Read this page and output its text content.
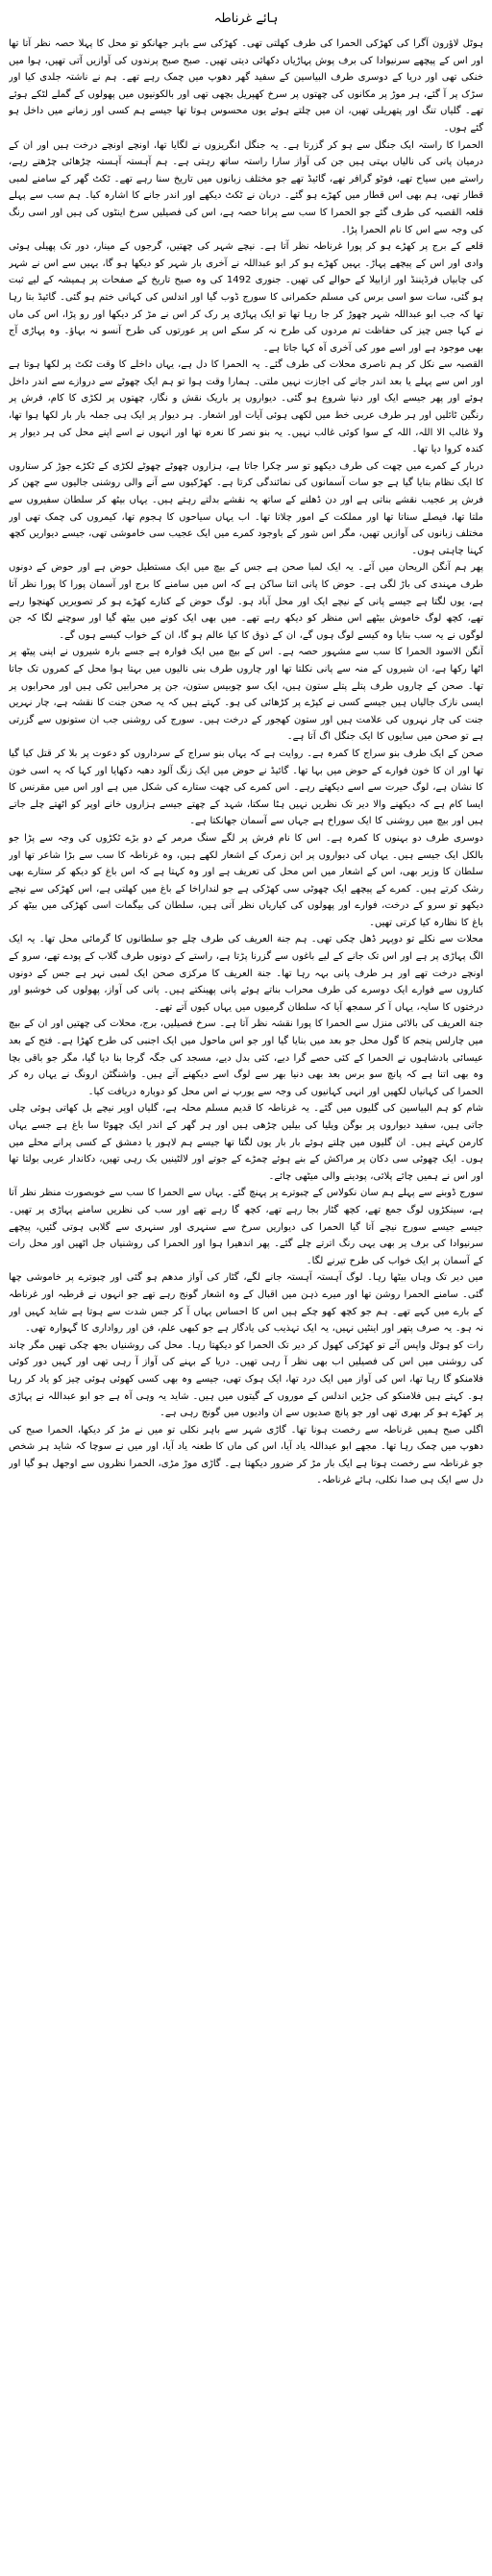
ہائے غرناطہ

ہوٹل لاؤرون آگرا کی کھڑکی الحمرا کی طرف کھلتی تھی۔ کھڑکی سے باہر جھانکو تو محل کا پہلا حصہ نظر آتا تھا اور اس کے پیچھے سرنیوادا کی برف پوش پہاڑیاں دکھائی دیتی تھیں۔ صبح صبح پرندوں کی آوازیں آتی تھیں، ہوا میں خنکی تھی اور دریا کے دوسری طرف البیاسین کے سفید گھر دھوپ میں چمک رہے تھے۔ ہم نے ناشتہ جلدی کیا اور سڑک پر آ گئے، ہر موڑ پر مکانوں کی چھتوں پر سرخ کھپریل بچھی تھی اور بالکونیوں میں پھولوں کے گملے لٹکے ہوئے تھے۔ گلیاں تنگ اور پتھریلی تھیں، ان میں چلتے ہوئے یوں محسوس ہوتا تھا جیسے ہم کسی اور زمانے میں داخل ہو گئے ہوں۔

الحمرا کا راستہ ایک جنگل سے ہو کر گزرتا ہے۔ یہ جنگل انگریزوں نے لگایا تھا، اونچے اونچے درخت ہیں اور ان کے درمیان پانی کی نالیاں بہتی ہیں جن کی آواز سارا راستہ ساتھ رہتی ہے۔ ہم آہستہ آہستہ چڑھائی چڑھتے رہے، راستے میں سیاح تھے، فوٹو گرافر تھے، گائیڈ تھے جو مختلف زبانوں میں تاریخ سنا رہے تھے۔ ٹکٹ گھر کے سامنے لمبی قطار تھی، ہم بھی اس قطار میں کھڑے ہو گئے۔ دربان نے ٹکٹ دیکھے اور اندر جانے کا اشارہ کیا۔ ہم سب سے پہلے قلعہ القصبہ کی طرف گئے جو الحمرا کا سب سے پرانا حصہ ہے، اس کی فصیلیں سرخ اینٹوں کی ہیں اور اسی رنگ کی وجہ سے اس کا نام الحمرا پڑا۔

قلعے کے برج پر کھڑے ہو کر پورا غرناطہ نظر آتا ہے۔ نیچے شہر کی چھتیں، گرجوں کے مینار، دور تک پھیلی ہوئی وادی اور اس کے پیچھے پہاڑ۔ یہیں کھڑے ہو کر ابو عبداللہ نے آخری بار شہر کو دیکھا ہو گا، یہیں سے اس نے شہر کی چابیاں فرڈیننڈ اور ازابیلا کے حوالے کی تھیں۔ جنوری 1492 کی وہ صبح تاریخ کے صفحات پر ہمیشہ کے لیے ثبت ہو گئی، سات سو اسی برس کی مسلم حکمرانی کا سورج ڈوب گیا اور اندلس کی کہانی ختم ہو گئی۔ گائیڈ بتا رہا تھا کہ جب ابو عبداللہ شہر چھوڑ کر جا رہا تھا تو ایک پہاڑی پر رک کر اس نے مڑ کر دیکھا اور رو پڑا، اس کی ماں نے کہا جس چیز کی حفاظت تم مردوں کی طرح نہ کر سکے اس پر عورتوں کی طرح آنسو نہ بہاؤ۔ وہ پہاڑی آج بھی موجود ہے اور اسے مور کی آخری آہ کہا جاتا ہے۔

القصبہ سے نکل کر ہم ناصری محلات کی طرف گئے۔ یہ الحمرا کا دل ہے، یہاں داخلے کا وقت ٹکٹ پر لکھا ہوتا ہے اور اس سے پہلے یا بعد اندر جانے کی اجازت نہیں ملتی۔ ہمارا وقت ہوا تو ہم ایک چھوٹے سے دروازے سے اندر داخل ہوئے اور پھر جیسے ایک اور دنیا شروع ہو گئی۔ دیواروں پر باریک نقش و نگار، چھتوں پر لکڑی کا کام، فرش پر رنگین ٹائلیں اور ہر طرف عربی خط میں لکھی ہوئی آیات اور اشعار۔ ہر دیوار پر ایک ہی جملہ بار بار لکھا ہوا تھا، ولا غالب الا اللہ، اللہ کے سوا کوئی غالب نہیں۔ یہ بنو نصر کا نعرہ تھا اور انہوں نے اسے اپنے محل کی ہر دیوار پر کندہ کروا دیا تھا۔

دربار کے کمرے میں چھت کی طرف دیکھو تو سر چکرا جاتا ہے، ہزاروں چھوٹے چھوٹے لکڑی کے ٹکڑے جوڑ کر ستاروں کا ایک نظام بنایا گیا ہے جو سات آسمانوں کی نمائندگی کرتا ہے۔ کھڑکیوں سے آنے والی روشنی جالیوں سے چھن کر فرش پر عجیب نقشے بناتی ہے اور دن ڈھلنے کے ساتھ یہ نقشے بدلتے رہتے ہیں۔ یہاں بیٹھ کر سلطان سفیروں سے ملتا تھا، فیصلے سناتا تھا اور مملکت کے امور چلاتا تھا۔ اب یہاں سیاحوں کا ہجوم تھا، کیمروں کی چمک تھی اور مختلف زبانوں کی آوازیں تھیں، مگر اس شور کے باوجود کمرے میں ایک عجیب سی خاموشی تھی، جیسے دیواریں کچھ کہنا چاہتی ہوں۔

پھر ہم آنگن الریحان میں آئے۔ یہ ایک لمبا صحن ہے جس کے بیچ میں ایک مستطیل حوض ہے اور حوض کے دونوں طرف مہندی کی باڑ لگی ہے۔ حوض کا پانی اتنا ساکن ہے کہ اس میں سامنے کا برج اور آسمان پورا کا پورا نظر آتا ہے، یوں لگتا ہے جیسے پانی کے نیچے ایک اور محل آباد ہو۔ لوگ حوض کے کنارے کھڑے ہو کر تصویریں کھنچوا رہے تھے، کچھ لوگ خاموش بیٹھے اس منظر کو دیکھ رہے تھے۔ میں بھی ایک کونے میں بیٹھ گیا اور سوچنے لگا کہ جن لوگوں نے یہ سب بنایا وہ کیسے لوگ ہوں گے، ان کے ذوق کا کیا عالم ہو گا، ان کے خواب کیسے ہوں گے۔

آنگن الاسود الحمرا کا سب سے مشہور حصہ ہے۔ اس کے بیچ میں ایک فوارہ ہے جسے بارہ شیروں نے اپنی پیٹھ پر اٹھا رکھا ہے، ان شیروں کے منہ سے پانی نکلتا تھا اور چاروں طرف بنی نالیوں میں بہتا ہوا محل کے کمروں تک جاتا تھا۔ صحن کے چاروں طرف پتلے پتلے ستون ہیں، ایک سو چوبیس ستون، جن پر محرابیں ٹکی ہیں اور محرابوں پر ایسی نازک جالیاں ہیں جیسے کسی نے کپڑے پر کڑھائی کی ہو۔ کہتے ہیں کہ یہ صحن جنت کا نقشہ ہے، چار نہریں جنت کی چار نہروں کی علامت ہیں اور ستون کھجور کے درخت ہیں۔ سورج کی روشنی جب ان ستونوں سے گزرتی ہے تو صحن میں سایوں کا ایک جنگل اگ آتا ہے۔

صحن کے ایک طرف بنو سراج کا کمرہ ہے۔ روایت ہے کہ یہاں بنو سراج کے سرداروں کو دعوت پر بلا کر قتل کیا گیا تھا اور ان کا خون فوارے کے حوض میں بہا تھا۔ گائیڈ نے حوض میں ایک زنگ آلود دھبہ دکھایا اور کہا کہ یہ اسی خون کا نشان ہے، لوگ حیرت سے اسے دیکھتے رہے۔ اس کمرے کی چھت ستارے کی شکل میں ہے اور اس میں مقرنس کا ایسا کام ہے کہ دیکھنے والا دیر تک نظریں نہیں ہٹا سکتا، شہد کے چھتے جیسے ہزاروں خانے اوپر کو اٹھتے چلے جاتے ہیں اور بیچ میں روشنی کا ایک سوراخ ہے جہاں سے آسمان جھانکتا ہے۔

دوسری طرف دو بہنوں کا کمرہ ہے۔ اس کا نام فرش پر لگے سنگ مرمر کے دو بڑے ٹکڑوں کی وجہ سے پڑا جو بالکل ایک جیسے ہیں۔ یہاں کی دیواروں پر ابن زمرک کے اشعار لکھے ہیں، وہ غرناطہ کا سب سے بڑا شاعر تھا اور سلطان کا وزیر بھی، اس کے اشعار میں اس محل کی تعریف ہے اور وہ کہتا ہے کہ اس باغ کو دیکھ کر ستارے بھی رشک کرتے ہیں۔ کمرے کے پیچھے ایک چھوٹی سی کھڑکی ہے جو لنداراخا کے باغ میں کھلتی ہے، اس کھڑکی سے نیچے دیکھو تو سرو کے درخت، فوارے اور پھولوں کی کیاریاں نظر آتی ہیں، سلطان کی بیگمات اسی کھڑکی میں بیٹھ کر باغ کا نظارہ کیا کرتی تھیں۔

محلات سے نکلے تو دوپہر ڈھل چکی تھی۔ ہم جنة العریف کی طرف چلے جو سلطانوں کا گرمائی محل تھا۔ یہ ایک الگ پہاڑی پر ہے اور اس تک جانے کے لیے باغوں سے گزرنا پڑتا ہے، راستے کے دونوں طرف گلاب کے پودے تھے، سرو کے اونچے درخت تھے اور ہر طرف پانی بہہ رہا تھا۔ جنة العریف کا مرکزی صحن ایک لمبی نہر ہے جس کے دونوں کناروں سے فوارے ایک دوسرے کی طرف محراب بناتے ہوئے پانی پھینکتے ہیں۔ پانی کی آواز، پھولوں کی خوشبو اور درختوں کا سایہ، یہاں آ کر سمجھ آیا کہ سلطان گرمیوں میں یہاں کیوں آتے تھے۔

جنة العریف کی بالائی منزل سے الحمرا کا پورا نقشہ نظر آتا ہے۔ سرخ فصیلیں، برج، محلات کی چھتیں اور ان کے بیچ میں چارلس پنجم کا گول محل جو بعد میں بنایا گیا اور جو اس ماحول میں ایک اجنبی کی طرح کھڑا ہے۔ فتح کے بعد عیسائی بادشاہوں نے الحمرا کے کئی حصے گرا دیے، کئی بدل دیے، مسجد کی جگہ گرجا بنا دیا گیا، مگر جو باقی بچا وہ بھی اتنا ہے کہ پانچ سو برس بعد بھی دنیا بھر سے لوگ اسے دیکھنے آتے ہیں۔ واشنگٹن ارونگ نے یہاں رہ کر الحمرا کی کہانیاں لکھیں اور انہی کہانیوں کی وجہ سے یورپ نے اس محل کو دوبارہ دریافت کیا۔

شام کو ہم البیاسین کی گلیوں میں گئے۔ یہ غرناطہ کا قدیم مسلم محلہ ہے، گلیاں اوپر نیچے بل کھاتی ہوئی چلی جاتی ہیں، سفید دیواروں پر بوگن ویلیا کی بیلیں چڑھی ہیں اور ہر گھر کے اندر ایک چھوٹا سا باغ ہے جسے یہاں کارمن کہتے ہیں۔ ان گلیوں میں چلتے ہوئے بار بار یوں لگتا تھا جیسے ہم لاہور یا دمشق کے کسی پرانے محلے میں ہوں۔ ایک چھوٹی سی دکان پر مراکش کے بنے ہوئے چمڑے کے جوتے اور لالٹینیں بک رہی تھیں، دکاندار عربی بولتا تھا اور اس نے ہمیں چائے پلائی، پودینے والی میٹھی چائے۔

سورج ڈوبنے سے پہلے ہم سان نکولاس کے چبوترے پر پہنچ گئے۔ یہاں سے الحمرا کا سب سے خوبصورت منظر نظر آتا ہے، سینکڑوں لوگ جمع تھے، کچھ گٹار بجا رہے تھے، کچھ گا رہے تھے اور سب کی نظریں سامنے پہاڑی پر تھیں۔ جیسے جیسے سورج نیچے آتا گیا الحمرا کی دیواریں سرخ سے سنہری اور سنہری سے گلابی ہوتی گئیں، پیچھے سرنیوادا کی برف پر بھی یہی رنگ اترتے چلے گئے۔ پھر اندھیرا ہوا اور الحمرا کی روشنیاں جل اٹھیں اور محل رات کے آسمان پر ایک خواب کی طرح تیرنے لگا۔

میں دیر تک وہاں بیٹھا رہا۔ لوگ آہستہ آہستہ جانے لگے، گٹار کی آواز مدھم ہو گئی اور چبوترے پر خاموشی چھا گئی۔ سامنے الحمرا روشن تھا اور میرے ذہن میں اقبال کے وہ اشعار گونج رہے تھے جو انہوں نے قرطبہ اور غرناطہ کے بارے میں کہے تھے۔ ہم جو کچھ کھو چکے ہیں اس کا احساس یہاں آ کر جس شدت سے ہوتا ہے شاید کہیں اور نہ ہو۔ یہ صرف پتھر اور اینٹیں نہیں، یہ ایک تہذیب کی یادگار ہے جو کبھی علم، فن اور رواداری کا گہوارہ تھی۔

رات کو ہوٹل واپس آئے تو کھڑکی کھول کر دیر تک الحمرا کو دیکھتا رہا۔ محل کی روشنیاں بجھ چکی تھیں مگر چاند کی روشنی میں اس کی فصیلیں اب بھی نظر آ رہی تھیں۔ دریا کے بہنے کی آواز آ رہی تھی اور کہیں دور کوئی فلامنکو گا رہا تھا، اس کی آواز میں ایک درد تھا، ایک ہوک تھی، جیسے وہ بھی کسی کھوئی ہوئی چیز کو یاد کر رہا ہو۔ کہتے ہیں فلامنکو کی جڑیں اندلس کے موروں کے گیتوں میں ہیں۔ شاید یہ وہی آہ ہے جو ابو عبداللہ نے پہاڑی پر کھڑے ہو کر بھری تھی اور جو پانچ صدیوں سے ان وادیوں میں گونج رہی ہے۔

اگلی صبح ہمیں غرناطہ سے رخصت ہونا تھا۔ گاڑی شہر سے باہر نکلی تو میں نے مڑ کر دیکھا، الحمرا صبح کی دھوپ میں چمک رہا تھا۔ مجھے ابو عبداللہ یاد آیا، اس کی ماں کا طعنہ یاد آیا، اور میں نے سوچا کہ شاید ہر شخص جو غرناطہ سے رخصت ہوتا ہے ایک بار مڑ کر ضرور دیکھتا ہے۔ گاڑی موڑ مڑی، الحمرا نظروں سے اوجھل ہو گیا اور دل سے ایک ہی صدا نکلی، ہائے غرناطہ۔
